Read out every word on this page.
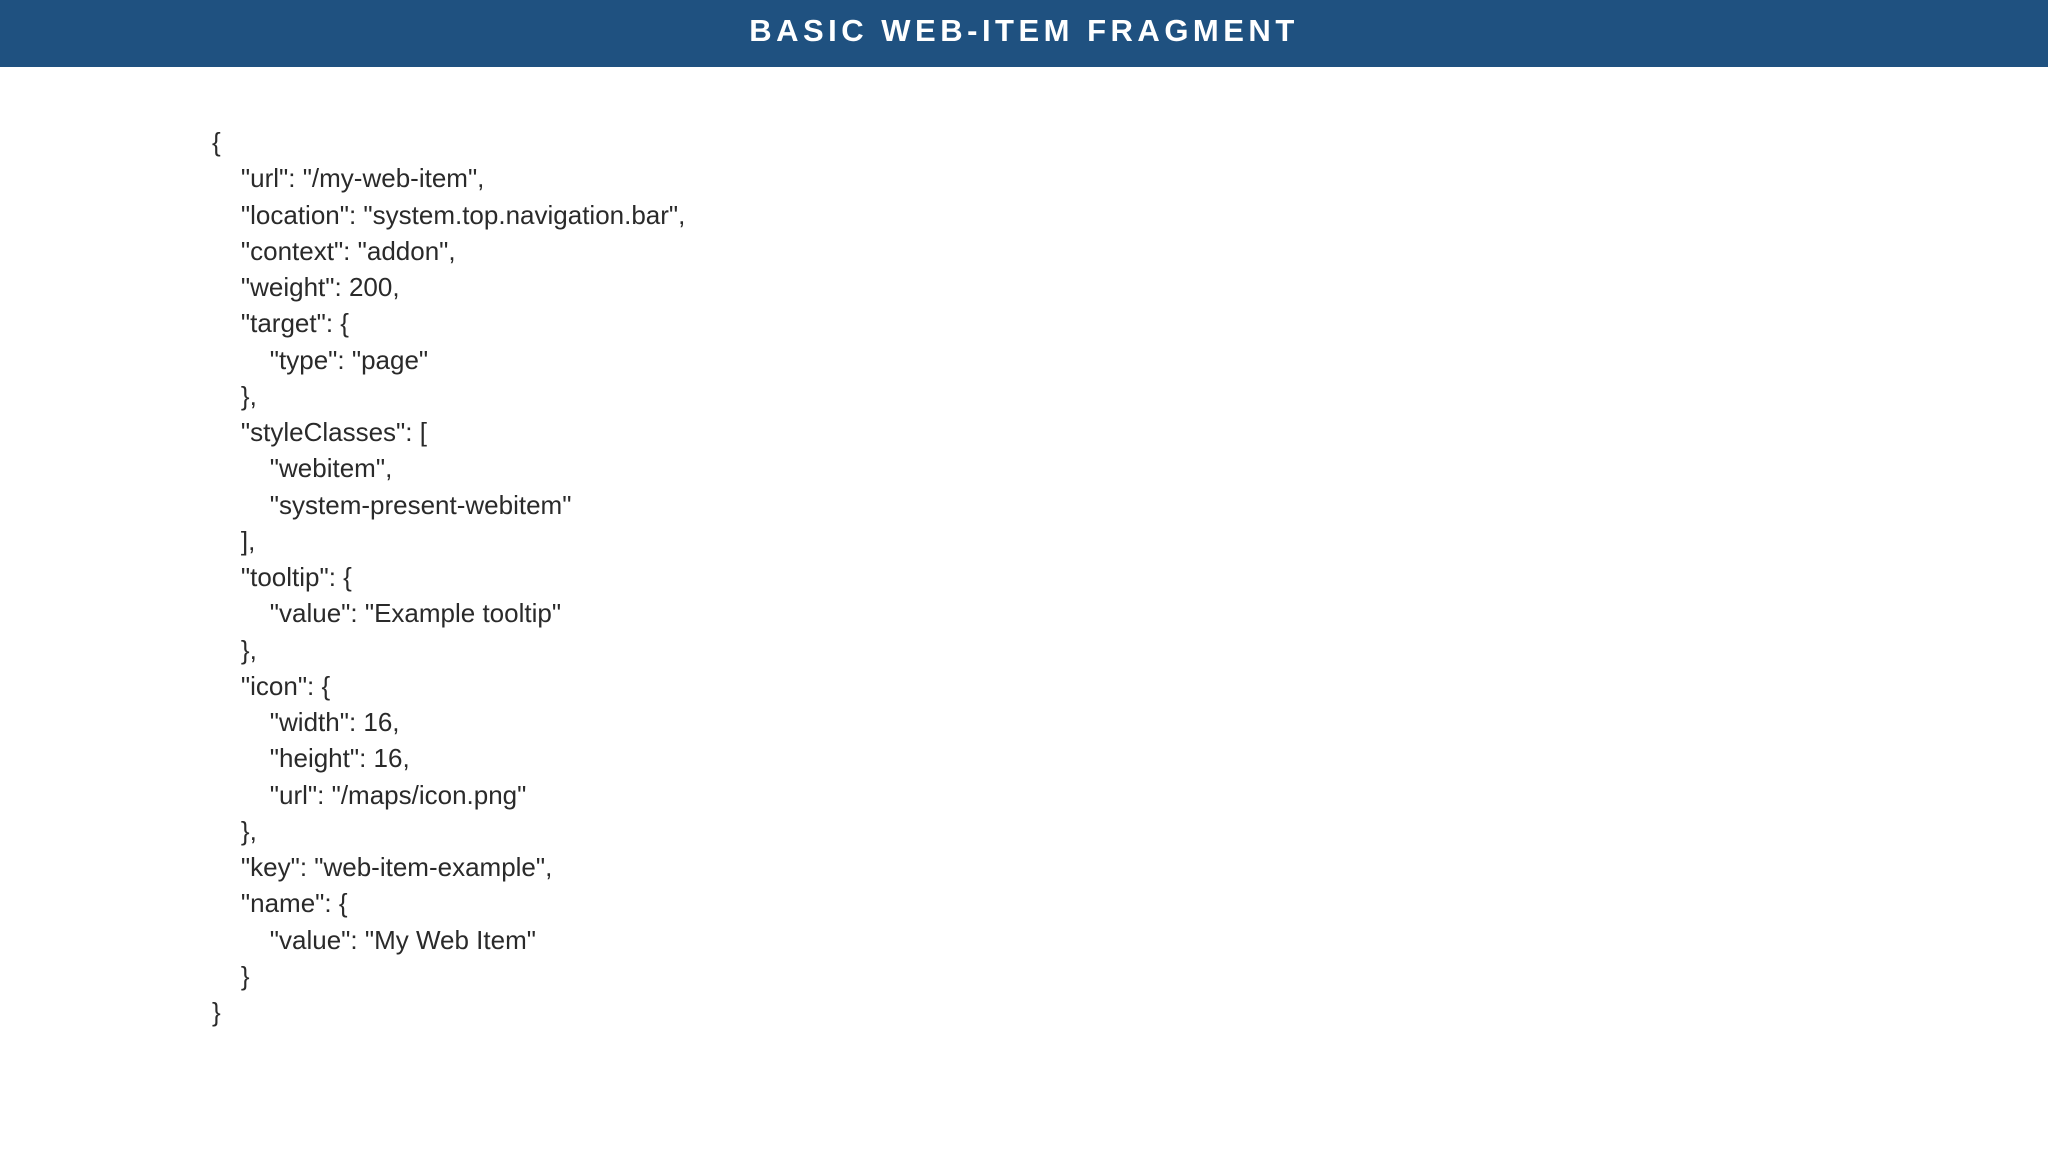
BASIC WEB-ITEM FRAGMENT
{
"url": "/my-web-item",
"location": "system.top.navigation.bar",
"context": "addon",
"weight": 200,
"target": {
"type": "page"
},
"styleClasses": [
"webitem",
"system-present-webitem"
],
"tooltip": {
"value": "Example tooltip"
},
"icon": {
"width": 16,
"height": 16,
"url": "/maps/icon.png"
},
"key": "web-item-example",
"name": {
"value": "My Web Item"
}
}
